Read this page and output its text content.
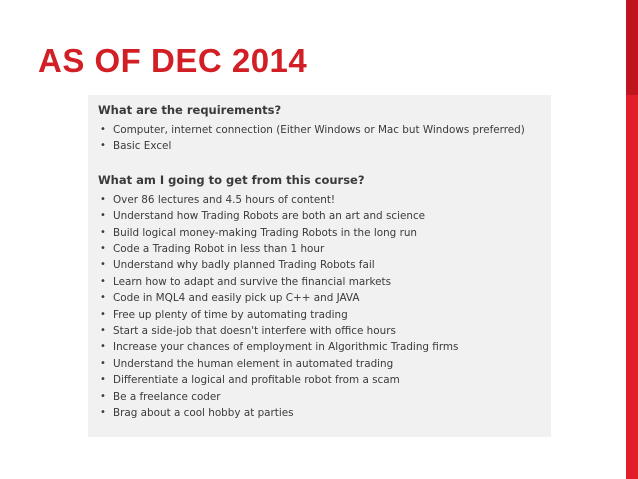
AS OF DEC 2014
What are the requirements?
• Computer, internet connection (Either Windows or Mac but Windows preferred)
• Basic Excel
What am I going to get from this course?
• Over 86 lectures and 4.5 hours of content!
• Understand how Trading Robots are both an art and science
• Build logical money-making Trading Robots in the long run
• Code a Trading Robot in less than 1 hour
• Understand why badly planned Trading Robots fail
• Learn how to adapt and survive the financial markets
• Code in MQL4 and easily pick up C++ and JAVA
• Free up plenty of time by automating trading
• Start a side-job that doesn't interfere with office hours
• Increase your chances of employment in Algorithmic Trading firms
• Understand the human element in automated trading
• Differentiate a logical and profitable robot from a scam
• Be a freelance coder
• Brag about a cool hobby at parties
